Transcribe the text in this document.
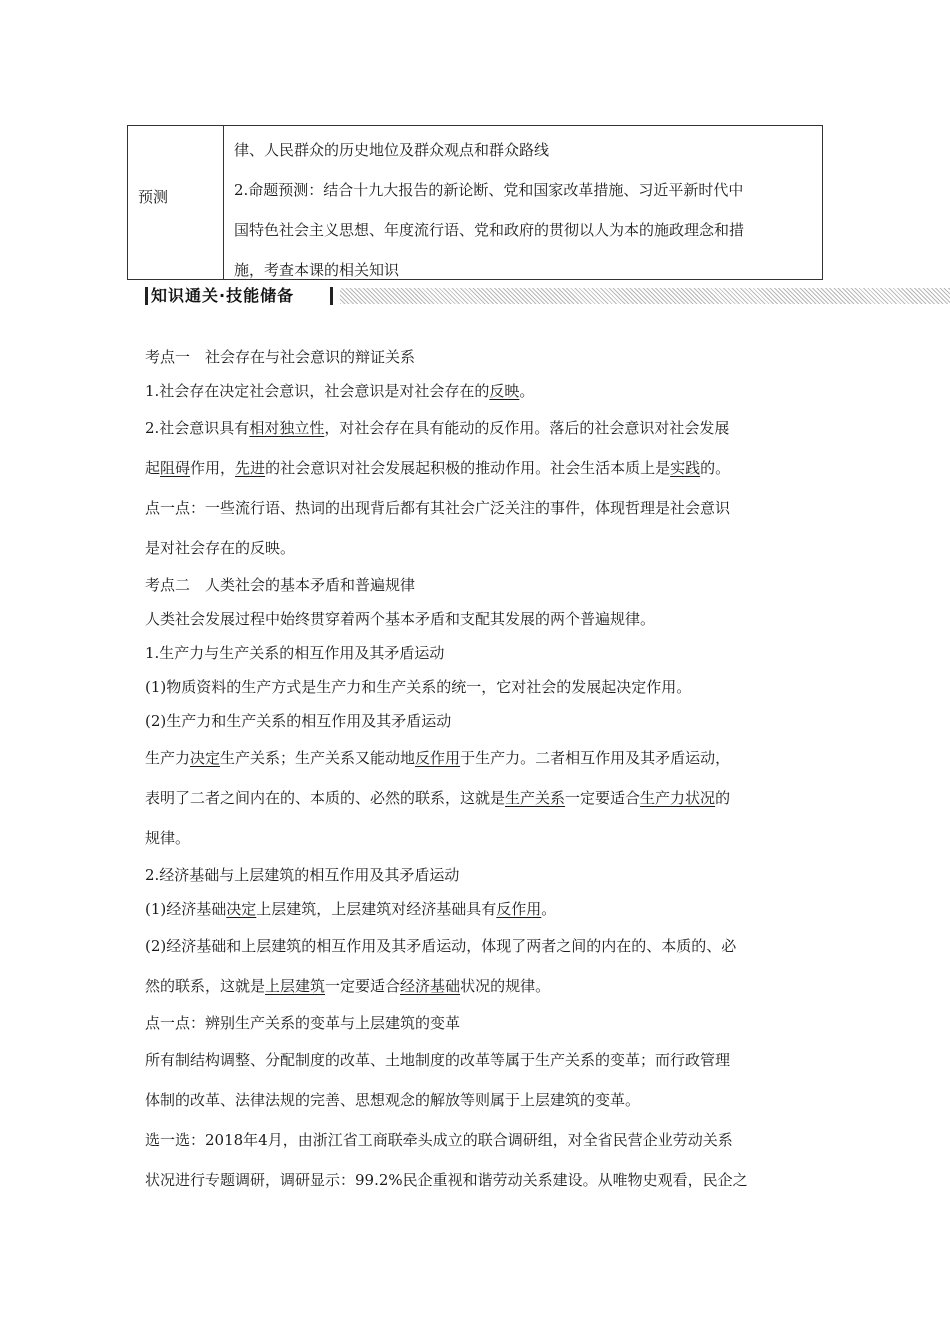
预测

律、人民群众的历史地位及群众观点和群众路线

2.命题预测：结合十九大报告的新论断、党和国家改革措施、习近平新时代中

国特色社会主义思想、年度流行语、党和政府的贯彻以人为本的施政理念和措

施，考查本课的相关知识

知识通关·技能储备

考点一　社会存在与社会意识的辩证关系

1.社会存在决定社会意识，社会意识是对社会存在的反映。

2.社会意识具有相对独立性，对社会存在具有能动的反作用。落后的社会意识对社会发展

起阻碍作用，先进的社会意识对社会发展起积极的推动作用。社会生活本质上是实践的。

点一点：一些流行语、热词的出现背后都有其社会广泛关注的事件，体现哲理是社会意识

是对社会存在的反映。

考点二　人类社会的基本矛盾和普遍规律

人类社会发展过程中始终贯穿着两个基本矛盾和支配其发展的两个普遍规律。

1.生产力与生产关系的相互作用及其矛盾运动

(1)物质资料的生产方式是生产力和生产关系的统一，它对社会的发展起决定作用。

(2)生产力和生产关系的相互作用及其矛盾运动

生产力决定生产关系；生产关系又能动地反作用于生产力。二者相互作用及其矛盾运动，

表明了二者之间内在的、本质的、必然的联系，这就是生产关系一定要适合生产力状况的

规律。

2.经济基础与上层建筑的相互作用及其矛盾运动

(1)经济基础决定上层建筑，上层建筑对经济基础具有反作用。

(2)经济基础和上层建筑的相互作用及其矛盾运动，体现了两者之间的内在的、本质的、必

然的联系，这就是上层建筑一定要适合经济基础状况的规律。

点一点：辨别生产关系的变革与上层建筑的变革

所有制结构调整、分配制度的改革、土地制度的改革等属于生产关系的变革；而行政管理

体制的改革、法律法规的完善、思想观念的解放等则属于上层建筑的变革。

选一选：2018年4月，由浙江省工商联牵头成立的联合调研组，对全省民营企业劳动关系

状况进行专题调研，调研显示：99.2%民企重视和谐劳动关系建设。从唯物史观看，民企之
